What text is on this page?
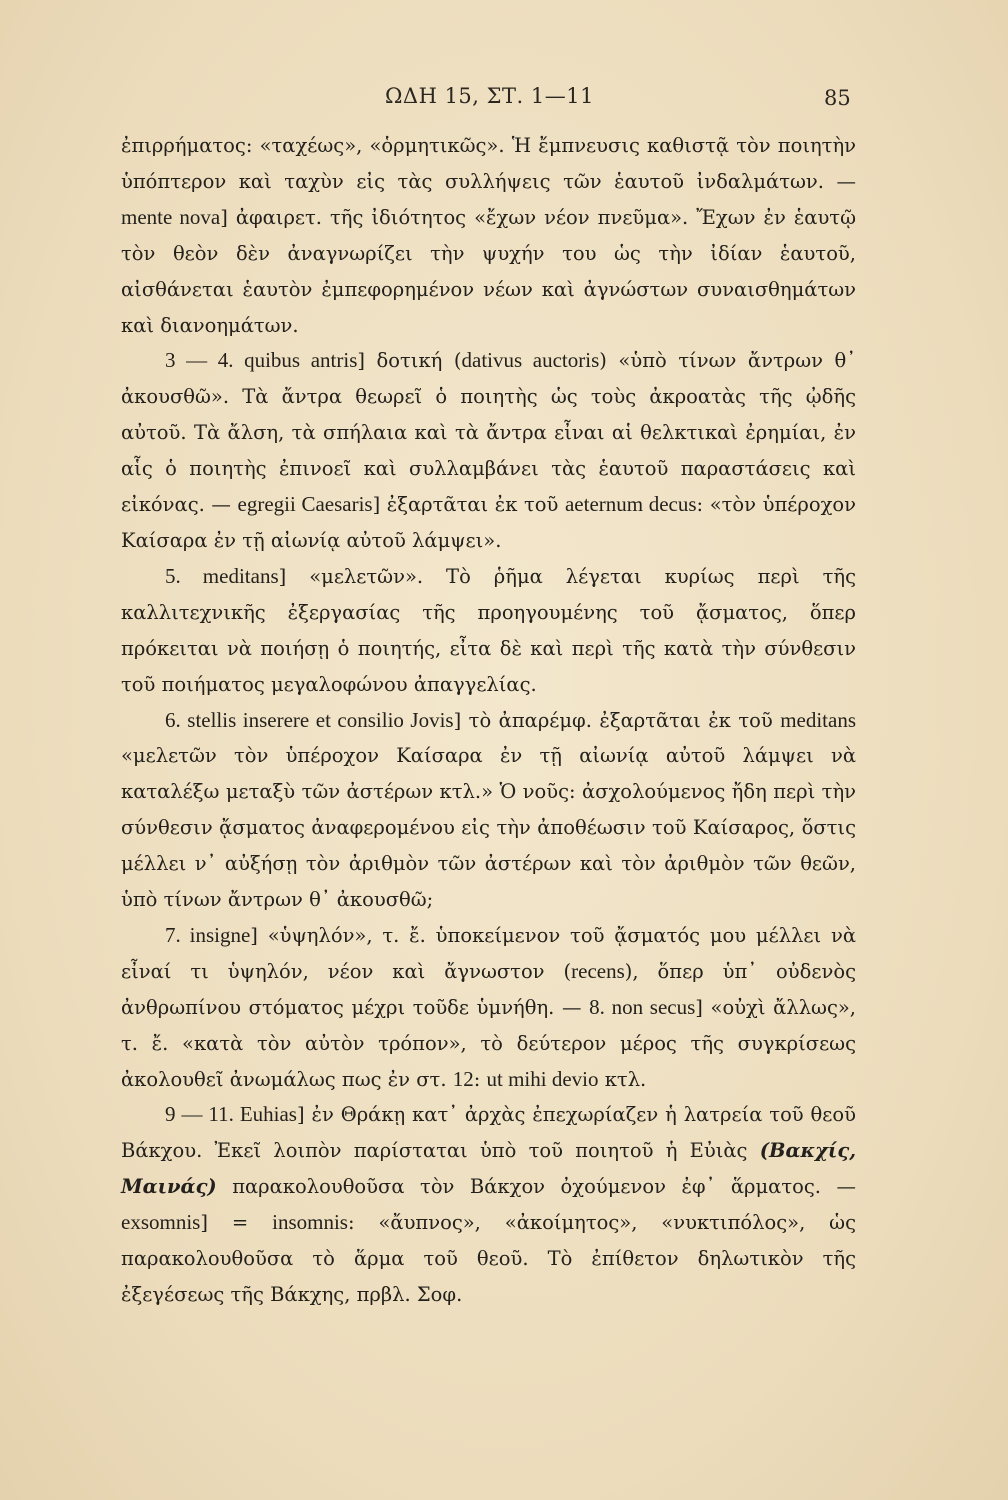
ΩΔΗ 15, ΣΤ. 1—11	85

ἐπιρρήματος: «ταχέως», «ὁρμητικῶς». Ἡ ἔμπνευσις καθιστᾷ τὸν ποιητὴν ὑπόπτερον καὶ ταχὺν εἰς τὰς συλλήψεις τῶν ἑαυτοῦ ἰνδαλμάτων. — mente nova] ἀφαιρετ. τῆς ἰδιότητος «ἔχων νέον πνεῦμα». Ἔχων ἐν ἑαυτῷ τὸν θεὸν δὲν ἀναγνωρίζει τὴν ψυχήν του ὡς τὴν ἰδίαν ἑαυτοῦ, αἰσθάνεται ἑαυτὸν ἐμπεφορημένον νέων καὶ ἀγνώστων συναισθημάτων καὶ διανοημάτων.

3 — 4. quibus antris] δοτική (dativus auctoris) «ὑπὸ τίνων ἄντρων θ᾽ ἀκουσθῶ». Τὰ ἄντρα θεωρεῖ ὁ ποιητὴς ὡς τοὺς ἀκροατὰς τῆς ᾠδῆς αὐτοῦ. Τὰ ἄλση, τὰ σπήλαια καὶ τὰ ἄντρα εἶναι αἱ θελκτικαὶ ἐρημίαι, ἐν αἷς ὁ ποιητὴς ἐπινοεῖ καὶ συλλαμβάνει τὰς ἑαυτοῦ παραστάσεις καὶ εἰκόνας. — egregii Caesaris] ἐξαρτᾶται ἐκ τοῦ aeternum decus: «τὸν ὑπέροχον Καίσαρα ἐν τῇ αἰωνίᾳ αὐτοῦ λάμψει».

5. meditans] «μελετῶν». Τὸ ῥῆμα λέγεται κυρίως περὶ τῆς καλλιτεχνικῆς ἐξεργασίας τῆς προηγουμένης τοῦ ᾄσματος, ὅπερ πρόκειται νὰ ποιήσῃ ὁ ποιητής, εἶτα δὲ καὶ περὶ τῆς κατὰ τὴν σύνθεσιν τοῦ ποιήματος μεγαλοφώνου ἀπαγγελίας.

6. stellis inserere et consilio Jovis] τὸ ἀπαρέμφ. ἐξαρτᾶται ἐκ τοῦ meditans «μελετῶν τὸν ὑπέροχον Καίσαρα ἐν τῇ αἰωνίᾳ αὐτοῦ λάμψει νὰ καταλέξω μεταξὺ τῶν ἀστέρων κτλ.» Ὁ νοῦς: ἀσχολούμενος ἤδη περὶ τὴν σύνθεσιν ᾄσματος ἀναφερομένου εἰς τὴν ἀποθέωσιν τοῦ Καίσαρος, ὅστις μέλλει ν᾽ αὐξήσῃ τὸν ἀριθμὸν τῶν ἀστέρων καὶ τὸν ἀριθμὸν τῶν θεῶν, ὑπὸ τίνων ἄντρων θ᾽ ἀκουσθῶ;

7. insigne] «ὑψηλόν», τ. ἔ. ὑποκείμενον τοῦ ᾄσματός μου μέλλει νὰ εἶναί τι ὑψηλόν, νέον καὶ ἄγνωστον (recens), ὅπερ ὑπ᾽ οὐδενὸς ἀνθρωπίνου στόματος μέχρι τοῦδε ὑμνήθη. — 8. non secus] «οὐχὶ ἄλλως», τ. ἔ. «κατὰ τὸν αὐτὸν τρόπον», τὸ δεύτερον μέρος τῆς συγκρίσεως ἀκολουθεῖ ἀνωμάλως πως ἐν στ. 12: ut mihi devio κτλ.

9 — 11. Euhias] ἐν Θράκῃ κατ᾽ ἀρχὰς ἐπεχωρίαζεν ἡ λατρεία τοῦ θεοῦ Βάκχου. Ἐκεῖ λοιπὸν παρίσταται ὑπὸ τοῦ ποιητοῦ ἡ Εὐιὰς (Βακχίς, Μαινάς) παρακολουθοῦσα τὸν Βάκχον ὀχούμενον ἐφ᾽ ἅρματος. — exsomnis] = insomnis: «ἄυπνος», «ἀκοίμητος», «νυκτιπόλος», ὡς παρακολουθοῦσα τὸ ἅρμα τοῦ θεοῦ. Τὸ ἐπίθετον δηλωτικὸν τῆς ἐξεγέσεως τῆς Βάκχης, πρβλ. Σοφ.
